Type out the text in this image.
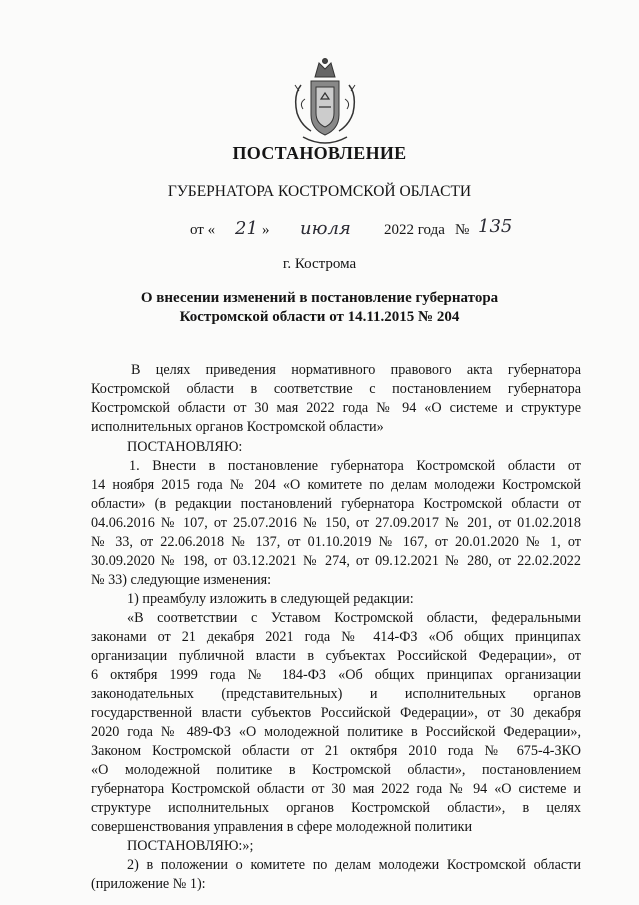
ПОСТАНОВЛЕНИЕ
ГУБЕРНАТОРА КОСТРОМСКОЙ ОБЛАСТИ
от « 21 » июля 2022 года № 135
г. Кострома
О внесении изменений в постановление губернатора
Костромской области от 14.11.2015 № 204
В целях приведения нормативного правового акта губернатора
Костромской области в соответствие с постановлением губернатора
Костромской области от 30 мая 2022 года № 94 «О системе и структуре
исполнительных органов Костромской области»
ПОСТАНОВЛЯЮ:
1. Внести в постановление губернатора Костромской области от
14 ноября 2015 года № 204 «О комитете по делам молодежи Костромской
области» (в редакции постановлений губернатора Костромской области от
04.06.2016 № 107, от 25.07.2016 № 150, от 27.09.2017 № 201, от 01.02.2018
№ 33, от 22.06.2018 № 137, от 01.10.2019 № 167, от 20.01.2020 № 1, от
30.09.2020 № 198, от 03.12.2021 № 274, от 09.12.2021 № 280, от 22.02.2022
№ 33) следующие изменения:
1) преамбулу изложить в следующей редакции:
«В соответствии с Уставом Костромской области, федеральными
законами от 21 декабря 2021 года № 414-ФЗ «Об общих принципах
организации публичной власти в субъектах Российской Федерации», от
6 октября 1999 года № 184-ФЗ «Об общих принципах организации
законодательных (представительных) и исполнительных органов
государственной власти субъектов Российской Федерации», от 30 декабря
2020 года № 489-ФЗ «О молодежной политике в Российской Федерации»,
Законом Костромской области от 21 октября 2010 года № 675-4-ЗКО
«О молодежной политике в Костромской области», постановлением
губернатора Костромской области от 30 мая 2022 года № 94 «О системе и
структуре исполнительных органов Костромской области», в целях
совершенствования управления в сфере молодежной политики
ПОСТАНОВЛЯЮ:»;
2) в положении о комитете по делам молодежи Костромской области
(приложение № 1):
